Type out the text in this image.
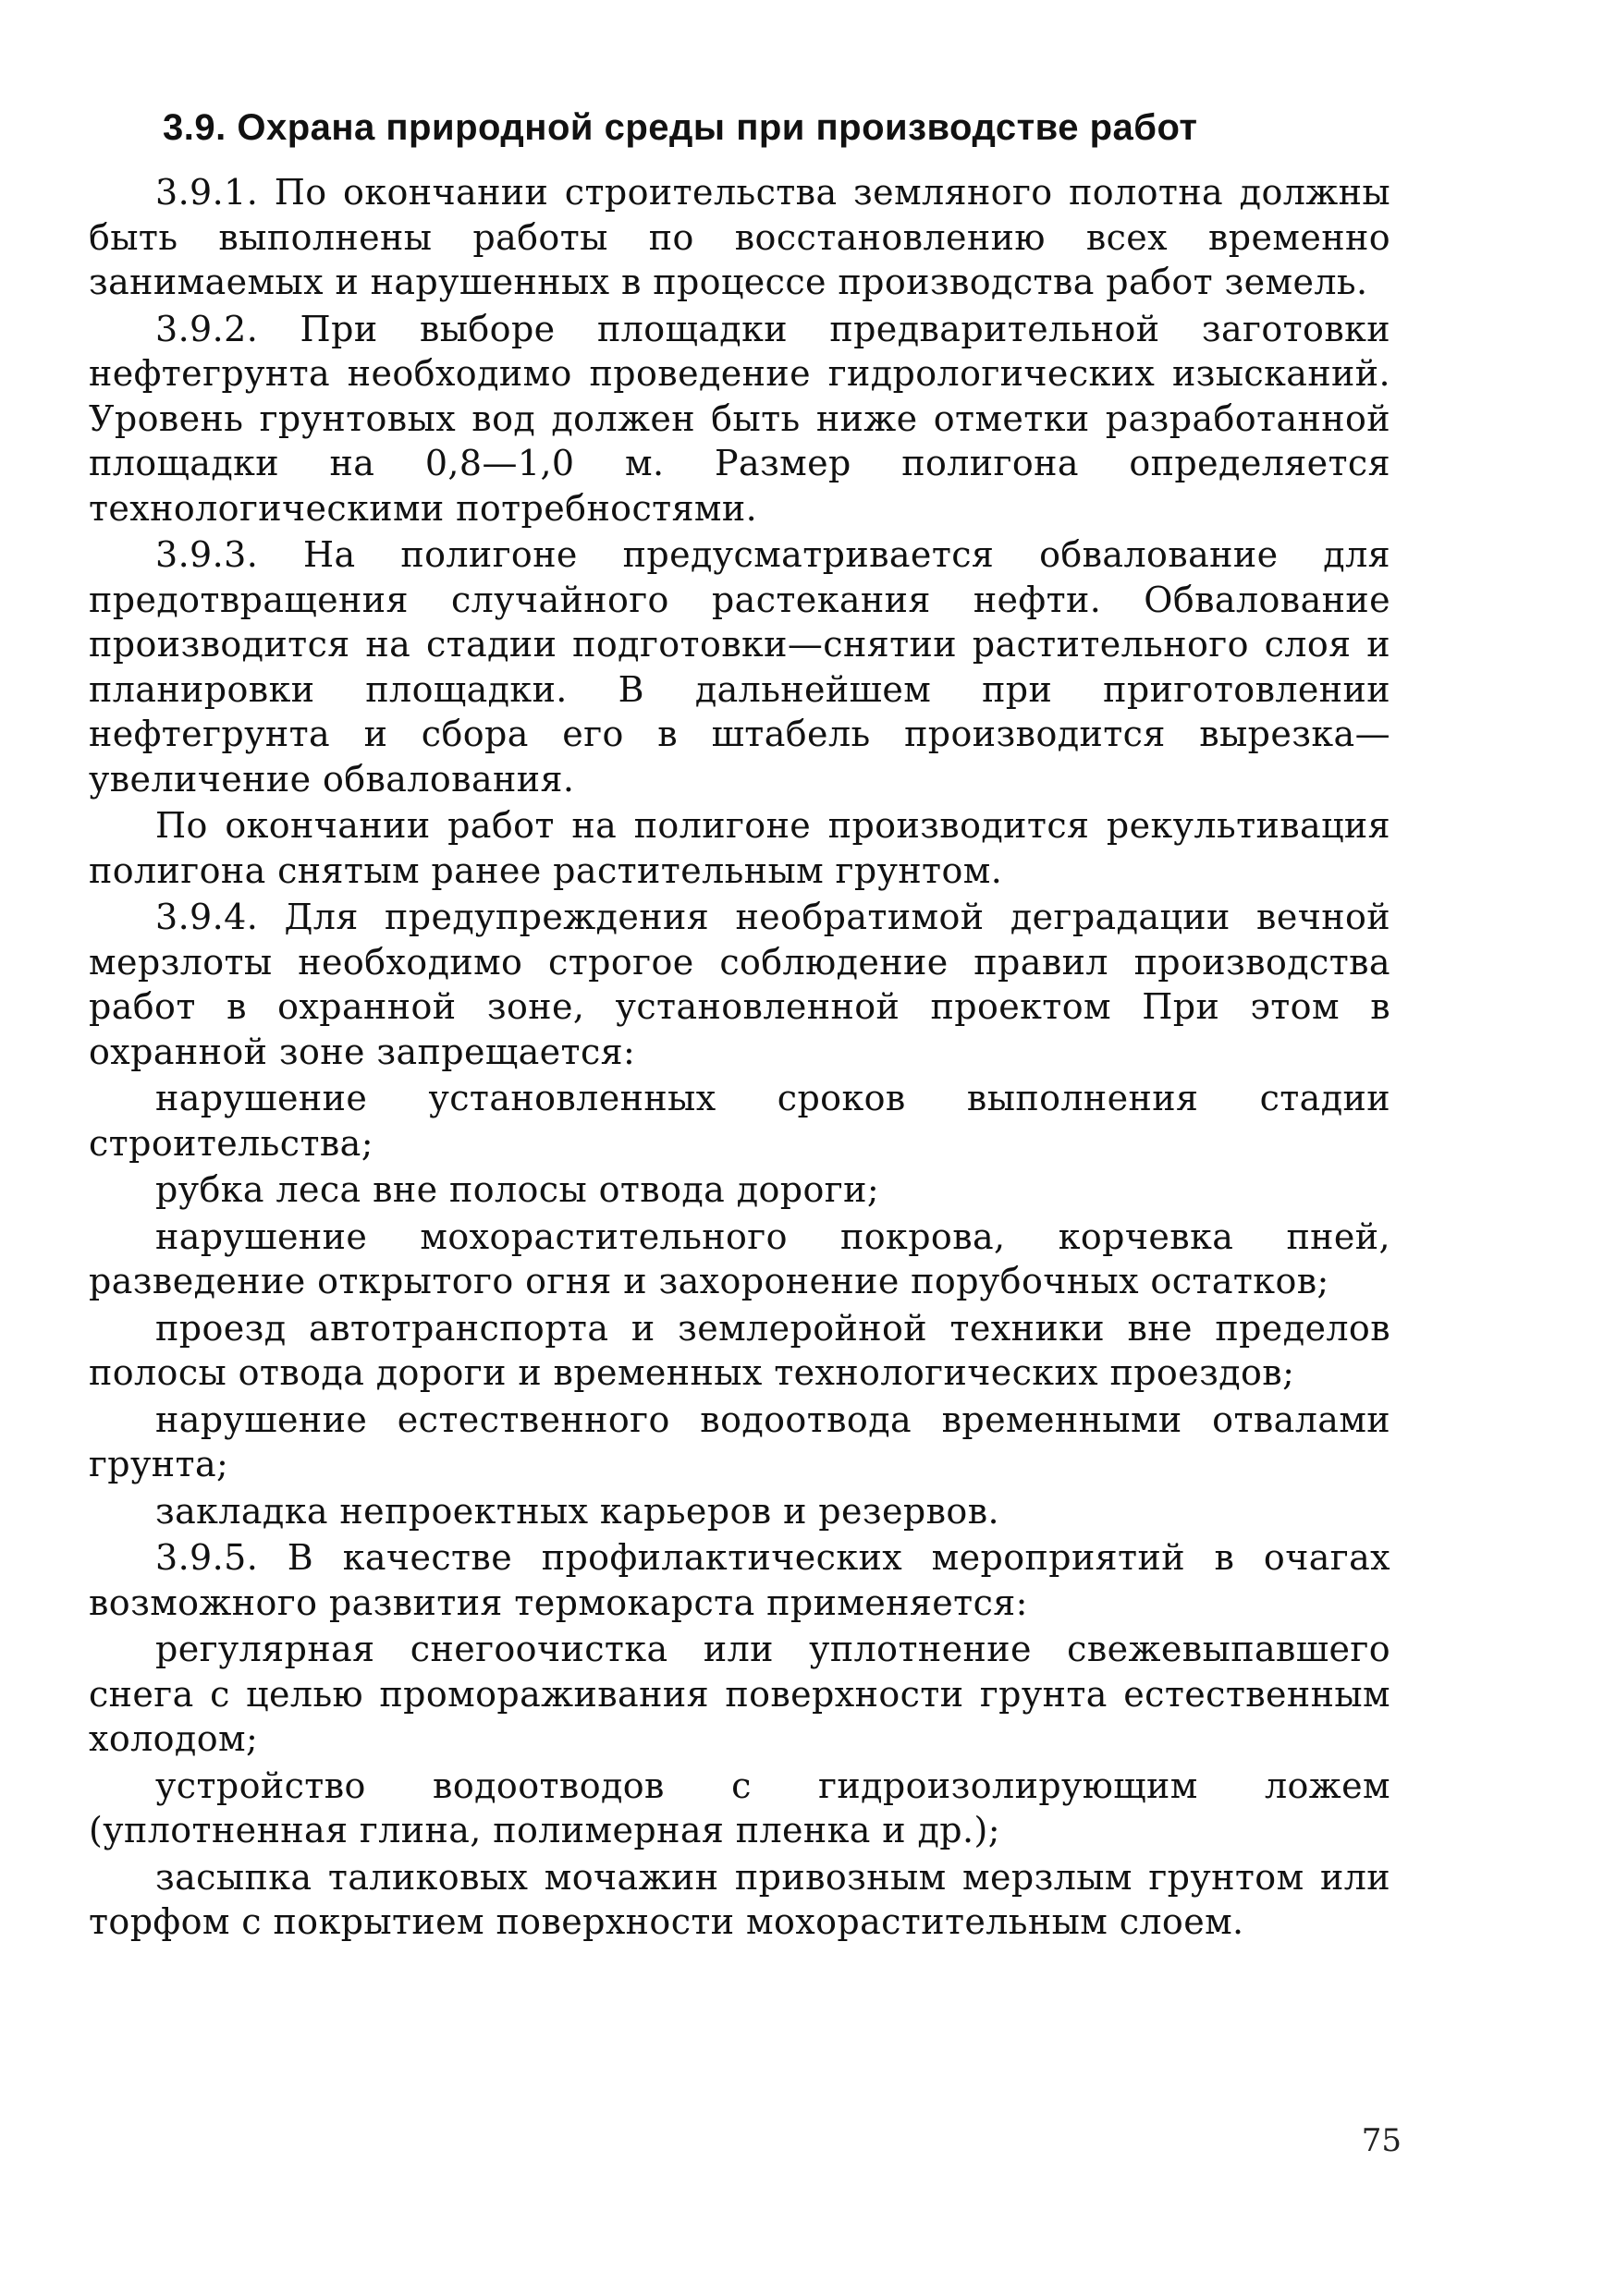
3.9. Охрана природной среды при производстве работ

3.9.1. По окончании строительства земляного полотна должны быть выполнены работы по восстановлению всех временно занимаемых и нарушенных в процессе производства работ земель.

3.9.2. При выборе площадки предварительной заготовки нефтегрунта необходимо проведение гидрологических изысканий. Уровень грунтовых вод должен быть ниже отметки разработанной площадки на 0,8—1,0 м. Размер полигона определяется технологическими потребностями.

3.9.3. На полигоне предусматривается обвалование для предотвращения случайного растекания нефти. Обвалование производится на стадии подготовки—снятии растительного слоя и планировки площадки. В дальнейшем при приготовлении нефтегрунта и сбора его в штабель производится вырезка—увеличение обвалования.

По окончании работ на полигоне производится рекультивация полигона снятым ранее растительным грунтом.

3.9.4. Для предупреждения необратимой деградации вечной мерзлоты необходимо строгое соблюдение правил производства работ в охранной зоне, установленной проектом При этом в охранной зоне запрещается:

нарушение установленных сроков выполнения стадии строительства;

рубка леса вне полосы отвода дороги;

нарушение мохорастительного покрова, корчевка пней, разведение открытого огня и захоронение порубочных остатков;

проезд автотранспорта и землеройной техники вне пределов полосы отвода дороги и временных технологических проездов;

нарушение естественного водоотвода временными отвалами грунта;

закладка непроектных карьеров и резервов.

3.9.5. В качестве профилактических мероприятий в очагах возможного развития термокарста применяется:

регулярная снегоочистка или уплотнение свежевыпавшего снега с целью промораживания поверхности грунта естественным холодом;

устройство водоотводов с гидроизолирующим ложем (уплотненная глина, полимерная пленка и др.);

засыпка таликовых мочажин привозным мерзлым грунтом или торфом с покрытием поверхности мохорастительным слоем.

75
